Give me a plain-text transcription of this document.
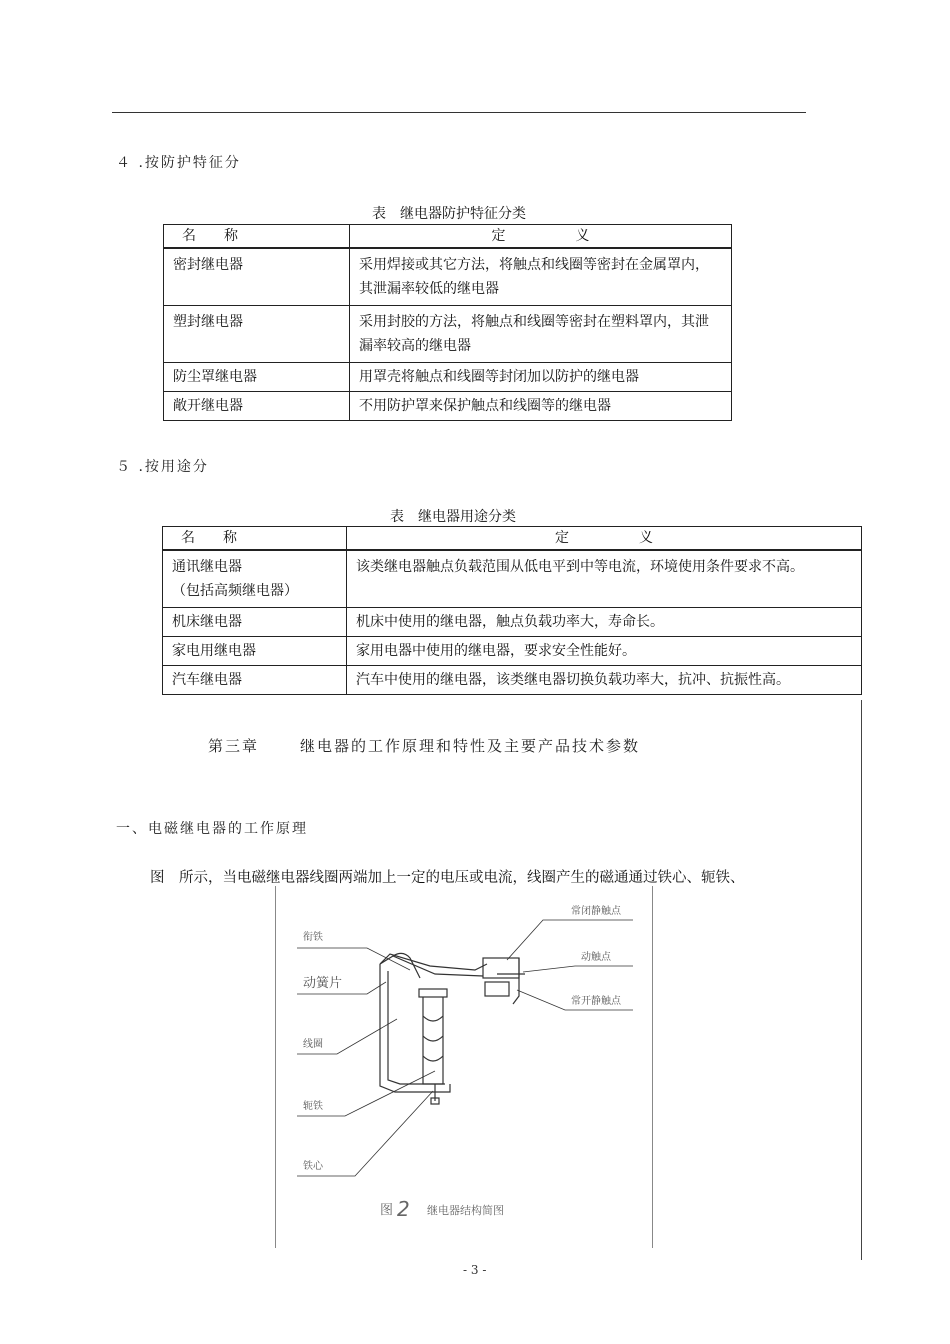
４ .按防护特征分
表　继电器防护特征分类
名　　称	定　　　　　义
密封继电器	采用焊接或其它方法，将触点和线圈等密封在金属罩内，其泄漏率较低的继电器
塑封继电器	采用封胶的方法，将触点和线圈等密封在塑料罩内，其泄漏率较高的继电器
防尘罩继电器	用罩壳将触点和线圈等封闭加以防护的继电器
敞开继电器	不用防护罩来保护触点和线圈等的继电器
５ .按用途分
表　继电器用途分类
名　　称	定　　　　　义

通讯继电器
（包括高频继电器）	该类继电器触点负载范围从低电平到中等电流，环境使用条件要求不高。
机床继电器	机床中使用的继电器，触点负载功率大，寿命长。
家电用继电器	家用电器中使用的继电器，要求安全性能好。
汽车继电器	汽车中使用的继电器，该类继电器切换负载功率大，抗冲、抗振性高。
第三章	继电器的工作原理和特性及主要产品技术参数
一、电磁继电器的工作原理
图　所示，当电磁继电器线圈两端加上一定的电压或电流，线圈产生的磁通通过铁心、轭铁、
衔铁
动簧片
线圈
轭铁
铁心
常闭静触点
动触点
常开静触点
图 2 继电器结构简图
- 3 -
